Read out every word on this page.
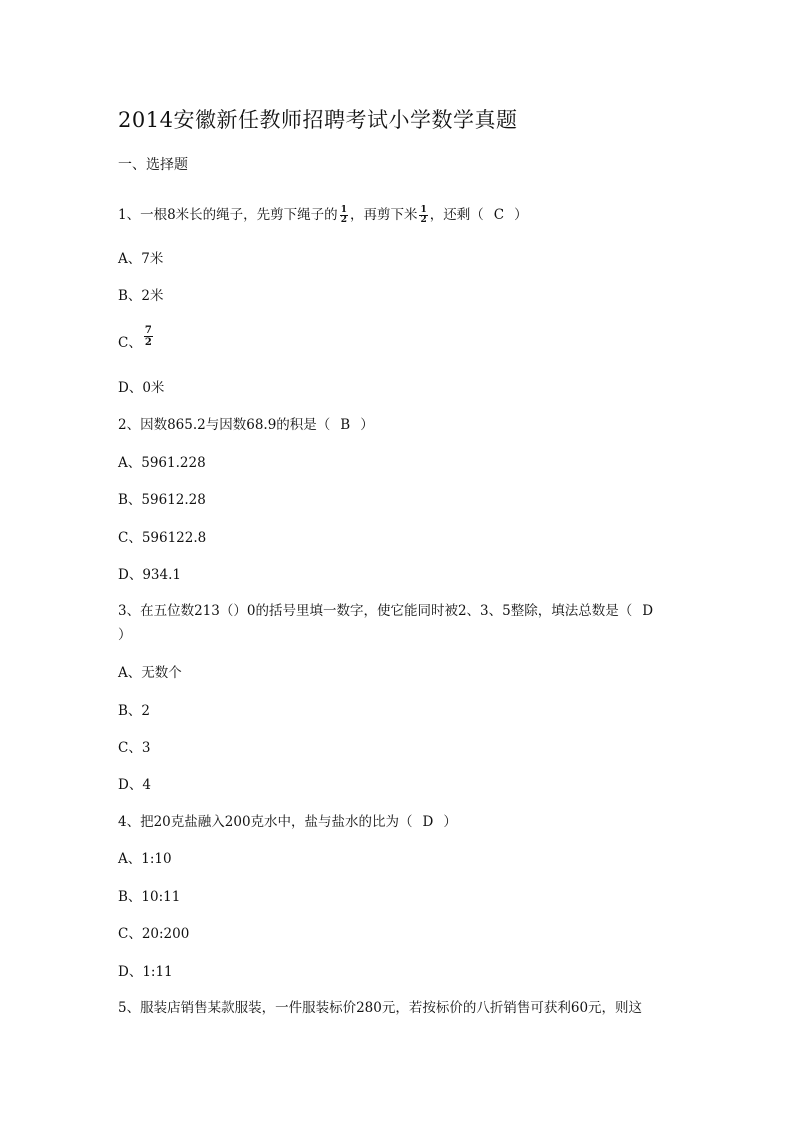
2014安徽新任教师招聘考试小学数学真题
一、选择题
1、一根8米长的绳子，先剪下绳子的 $\frac{1}{2}$ ，再剪下米 $\frac{1}{2}$ ，还剩（ C ）
A、7米
B、2米
C、 $\frac{7}{2}$
D、0米
2、因数865.2与因数68.9的积是（ B ）
A、5961.228
B、59612.28
C、596122.8
D、934.1
3、在五位数213（）0的括号里填一数字，使它能同时被2、3、5整除，填法总数是（ D
）
A、无数个
B、2
C、3
D、4
4、把20克盐融入200克水中，盐与盐水的比为（ D ）
A、1:10
B、10:11
C、20:200
D、1:11
5、服装店销售某款服装，一件服装标价280元，若按标价的八折销售可获利60元，则这
